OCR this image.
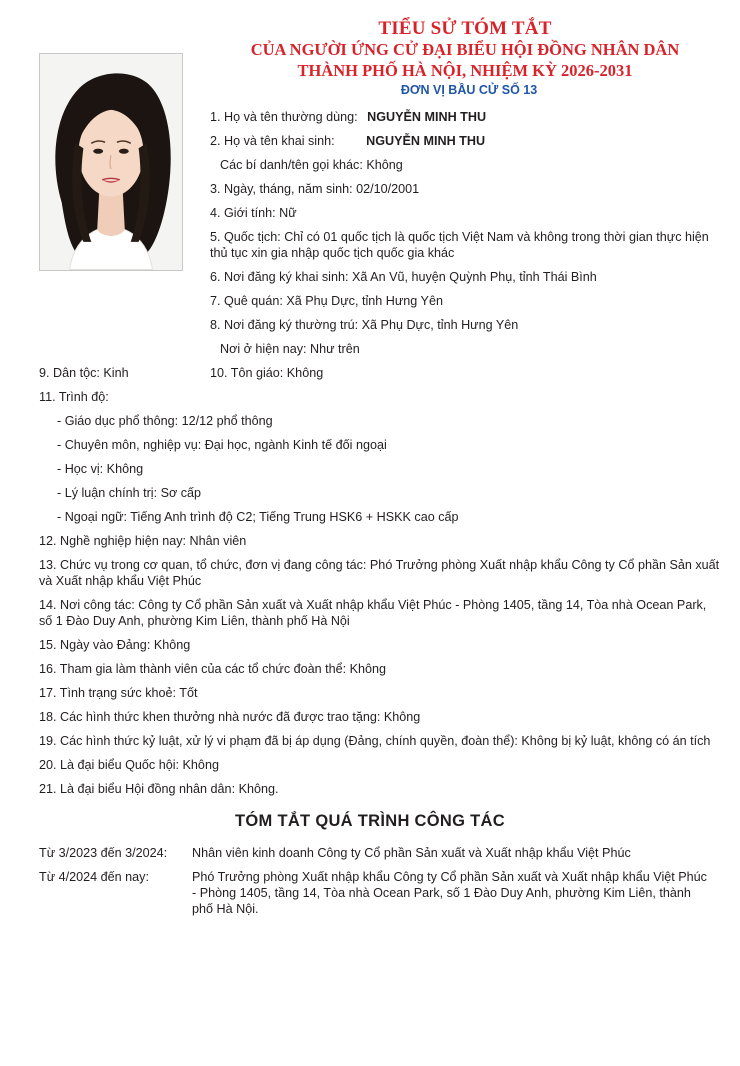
TIỂU SỬ TÓM TẮT
CỦA NGƯỜI ỨNG CỬ ĐẠI BIỂU HỘI ĐỒNG NHÂN DÂN
THÀNH PHỐ HÀ NỘI, NHIỆM KỲ 2026-2031
ĐƠN VỊ BẦU CỬ SỐ 13
1. Họ và tên thường dùng: NGUYỄN MINH THU
2. Họ và tên khai sinh:	NGUYỄN MINH THU
Các bí danh/tên gọi khác: Không
3. Ngày, tháng, năm sinh: 02/10/2001
4. Giới tính: Nữ
5. Quốc tịch: Chỉ có 01 quốc tịch là quốc tịch Việt Nam và không trong thời gian thực hiện
thủ tục xin gia nhập quốc tịch quốc gia khác
6. Nơi đăng ký khai sinh: Xã An Vũ, huyện Quỳnh Phụ, tỉnh Thái Bình
7. Quê quán: Xã Phụ Dực, tỉnh Hưng Yên
8. Nơi đăng ký thường trú: Xã Phụ Dực, tỉnh Hưng Yên
Nơi ở hiện nay: Như trên
9. Dân tộc: Kinh	10. Tôn giáo: Không
11. Trình độ:
- Giáo dục phổ thông: 12/12 phổ thông
- Chuyên môn, nghiệp vụ: Đại học, ngành Kinh tế đối ngoại
- Học vị: Không
- Lý luận chính trị: Sơ cấp
- Ngoại ngữ: Tiếng Anh trình độ C2; Tiếng Trung HSK6 + HSKK cao cấp
12. Nghề nghiệp hiện nay: Nhân viên
13. Chức vụ trong cơ quan, tổ chức, đơn vị đang công tác: Phó Trưởng phòng Xuất nhập khẩu Công ty Cổ phần Sản xuất
và Xuất nhập khẩu Việt Phúc
14. Nơi công tác: Công ty Cổ phần Sản xuất và Xuất nhập khẩu Việt Phúc - Phòng 1405, tầng 14, Tòa nhà Ocean Park,
số 1 Đào Duy Anh, phường Kim Liên, thành phố Hà Nội
15. Ngày vào Đảng: Không
16. Tham gia làm thành viên của các tổ chức đoàn thể: Không
17. Tình trạng sức khoẻ: Tốt
18. Các hình thức khen thưởng nhà nước đã được trao tặng: Không
19. Các hình thức kỷ luật, xử lý vi phạm đã bị áp dụng (Đảng, chính quyền, đoàn thể): Không bị kỷ luật, không có án tích
20. Là đại biểu Quốc hội: Không
21. Là đại biểu Hội đồng nhân dân: Không.
TÓM TẮT QUÁ TRÌNH CÔNG TÁC
Từ 3/2023 đến 3/2024: Nhân viên kinh doanh Công ty Cổ phần Sản xuất và Xuất nhập khẩu Việt Phúc
Từ 4/2024 đến nay:	Phó Trưởng phòng Xuất nhập khẩu Công ty Cổ phần Sản xuất và Xuất nhập khẩu Việt Phúc - Phòng 1405, tầng 14, Tòa nhà Ocean Park, số 1 Đào Duy Anh, phường Kim Liên, thành phố Hà Nội.
